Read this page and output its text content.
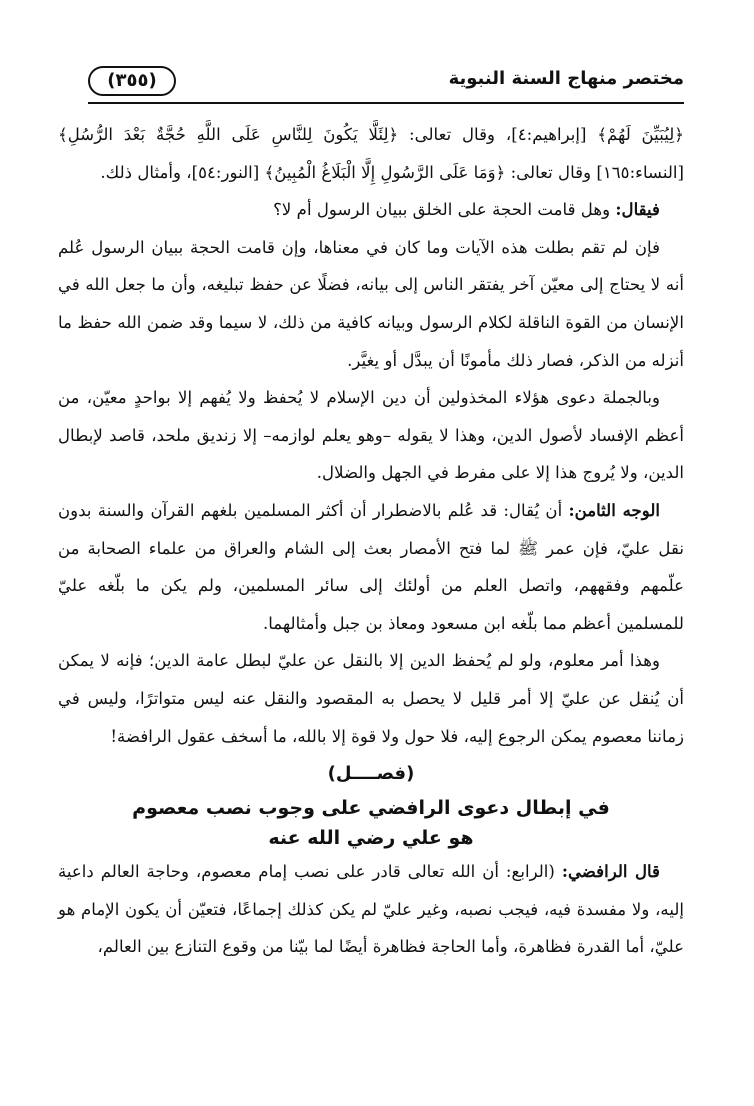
(٣٥٥)	مختصر منهاج السنة النبوية

﴿لِيُبَيِّنَ لَهُمْ﴾ [إبراهيم:٤]، وقال تعالى: ﴿لِئَلَّا يَكُونَ لِلنَّاسِ عَلَى اللَّهِ حُجَّةٌ بَعْدَ الرُّسُلِ﴾ [النساء:١٦٥] وقال تعالى: ﴿وَمَا عَلَى الرَّسُولِ إِلَّا الْبَلَاغُ الْمُبِينُ﴾ [النور:٥٤]، وأمثال ذلك.

فيقال: وهل قامت الحجة على الخلق ببيان الرسول أم لا؟

فإن لم تقم بطلت هذه الآيات وما كان في معناها، وإن قامت الحجة ببيان الرسول عُلم أنه لا يحتاج إلى معيّن آخر يفتقر الناس إلى بيانه، فضلًا عن حفظ تبليغه، وأن ما جعل الله في الإنسان من القوة الناقلة لكلام الرسول وبيانه كافية من ذلك، لا سيما وقد ضمن الله حفظ ما أنزله من الذكر، فصار ذلك مأمونًا أن يبدَّل أو يغيَّر.

وبالجملة دعوى هؤلاء المخذولين أن دين الإسلام لا يُحفظ ولا يُفهم إلا بواحدٍ معيّن، من أعظم الإفساد لأصول الدين، وهذا لا يقوله –وهو يعلم لوازمه– إلا زنديق ملحد، قاصد لإبطال الدين، ولا يُروج هذا إلا على مفرط في الجهل والضلال.

الوجه الثامن: أن يُقال: قد عُلم بالاضطرار أن أكثر المسلمين بلغهم القرآن والسنة بدون نقل عليّ، فإن عمر ﷺ لما فتح الأمصار بعث إلى الشام والعراق من علماء الصحابة من علّمهم وفقههم، واتصل العلم من أولئك إلى سائر المسلمين، ولم يكن ما بلّغه عليّ للمسلمين أعظم مما بلّغه ابن مسعود ومعاذ بن جبل وأمثالهما.

وهذا أمر معلوم، ولو لم يُحفظ الدين إلا بالنقل عن عليّ لبطل عامة الدين؛ فإنه لا يمكن أن يُنقل عن عليّ إلا أمر قليل لا يحصل به المقصود والنقل عنه ليس متواترًا، وليس في زماننا معصوم يمكن الرجوع إليه، فلا حول ولا قوة إلا بالله، ما أسخف عقول الرافضة!

(فصــــل)
في إبطال دعوى الرافضي على وجوب نصب معصوم
هو علي رضي الله عنه

قال الرافضي: (الرابع: أن الله تعالى قادر على نصب إمام معصوم، وحاجة العالم داعية إليه، ولا مفسدة فيه، فيجب نصبه، وغير عليّ لم يكن كذلك إجماعًا، فتعيّن أن يكون الإمام هو عليّ، أما القدرة فظاهرة، وأما الحاجة فظاهرة أيضًا لما بيّنا من وقوع التنازع بين العالم،
